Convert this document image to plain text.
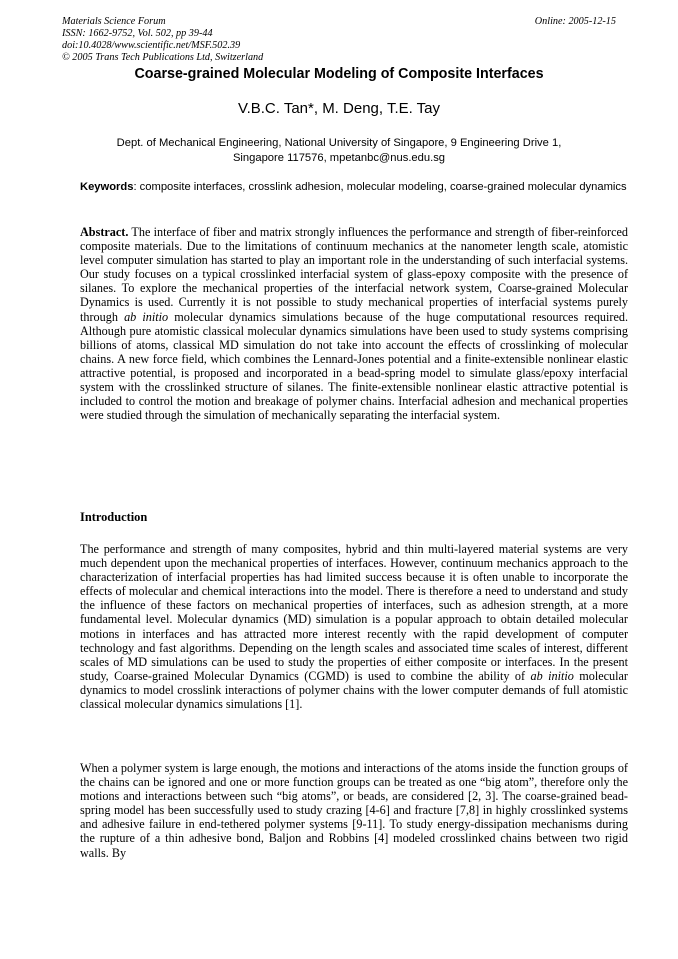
Materials Science Forum
ISSN: 1662-9752, Vol. 502, pp 39-44
doi:10.4028/www.scientific.net/MSF.502.39
© 2005 Trans Tech Publications Ltd, Switzerland
Online: 2005-12-15
Coarse-grained Molecular Modeling of Composite Interfaces
V.B.C. Tan*, M. Deng, T.E. Tay
Dept. of Mechanical Engineering, National University of Singapore, 9 Engineering Drive 1,
Singapore 117576, mpetanbc@nus.edu.sg
Keywords: composite interfaces, crosslink adhesion, molecular modeling, coarse-grained molecular dynamics
Abstract. The interface of fiber and matrix strongly influences the performance and strength of fiber-reinforced composite materials. Due to the limitations of continuum mechanics at the nanometer length scale, atomistic level computer simulation has started to play an important role in the understanding of such interfacial systems. Our study focuses on a typical crosslinked interfacial system of glass-epoxy composite with the presence of silanes. To explore the mechanical properties of the interfacial network system, Coarse-grained Molecular Dynamics is used. Currently it is not possible to study mechanical properties of interfacial systems purely through ab initio molecular dynamics simulations because of the huge computational resources required. Although pure atomistic classical molecular dynamics simulations have been used to study systems comprising billions of atoms, classical MD simulation do not take into account the effects of crosslinking of molecular chains. A new force field, which combines the Lennard-Jones potential and a finite-extensible nonlinear elastic attractive potential, is proposed and incorporated in a bead-spring model to simulate glass/epoxy interfacial system with the crosslinked structure of silanes. The finite-extensible nonlinear elastic attractive potential is included to control the motion and breakage of polymer chains. Interfacial adhesion and mechanical properties were studied through the simulation of mechanically separating the interfacial system.
Introduction
The performance and strength of many composites, hybrid and thin multi-layered material systems are very much dependent upon the mechanical properties of interfaces. However, continuum mechanics approach to the characterization of interfacial properties has had limited success because it is often unable to incorporate the effects of molecular and chemical interactions into the model. There is therefore a need to understand and study the influence of these factors on mechanical properties of interfaces, such as adhesion strength, at a more fundamental level. Molecular dynamics (MD) simulation is a popular approach to obtain detailed molecular motions in interfaces and has attracted more interest recently with the rapid development of computer technology and fast algorithms. Depending on the length scales and associated time scales of interest, different scales of MD simulations can be used to study the properties of either composite or interfaces. In the present study, Coarse-grained Molecular Dynamics (CGMD) is used to combine the ability of ab initio molecular dynamics to model crosslink interactions of polymer chains with the lower computer demands of full atomistic classical molecular dynamics simulations [1].
When a polymer system is large enough, the motions and interactions of the atoms inside the function groups of the chains can be ignored and one or more function groups can be treated as one “big atom”, therefore only the motions and interactions between such “big atoms”, or beads, are considered [2, 3]. The coarse-grained bead-spring model has been successfully used to study crazing [4-6] and fracture [7,8] in highly crosslinked systems and adhesive failure in end-tethered polymer systems [9-11]. To study energy-dissipation mechanisms during the rupture of a thin adhesive bond, Baljon and Robbins [4] modeled crosslinked chains between two rigid walls. By
